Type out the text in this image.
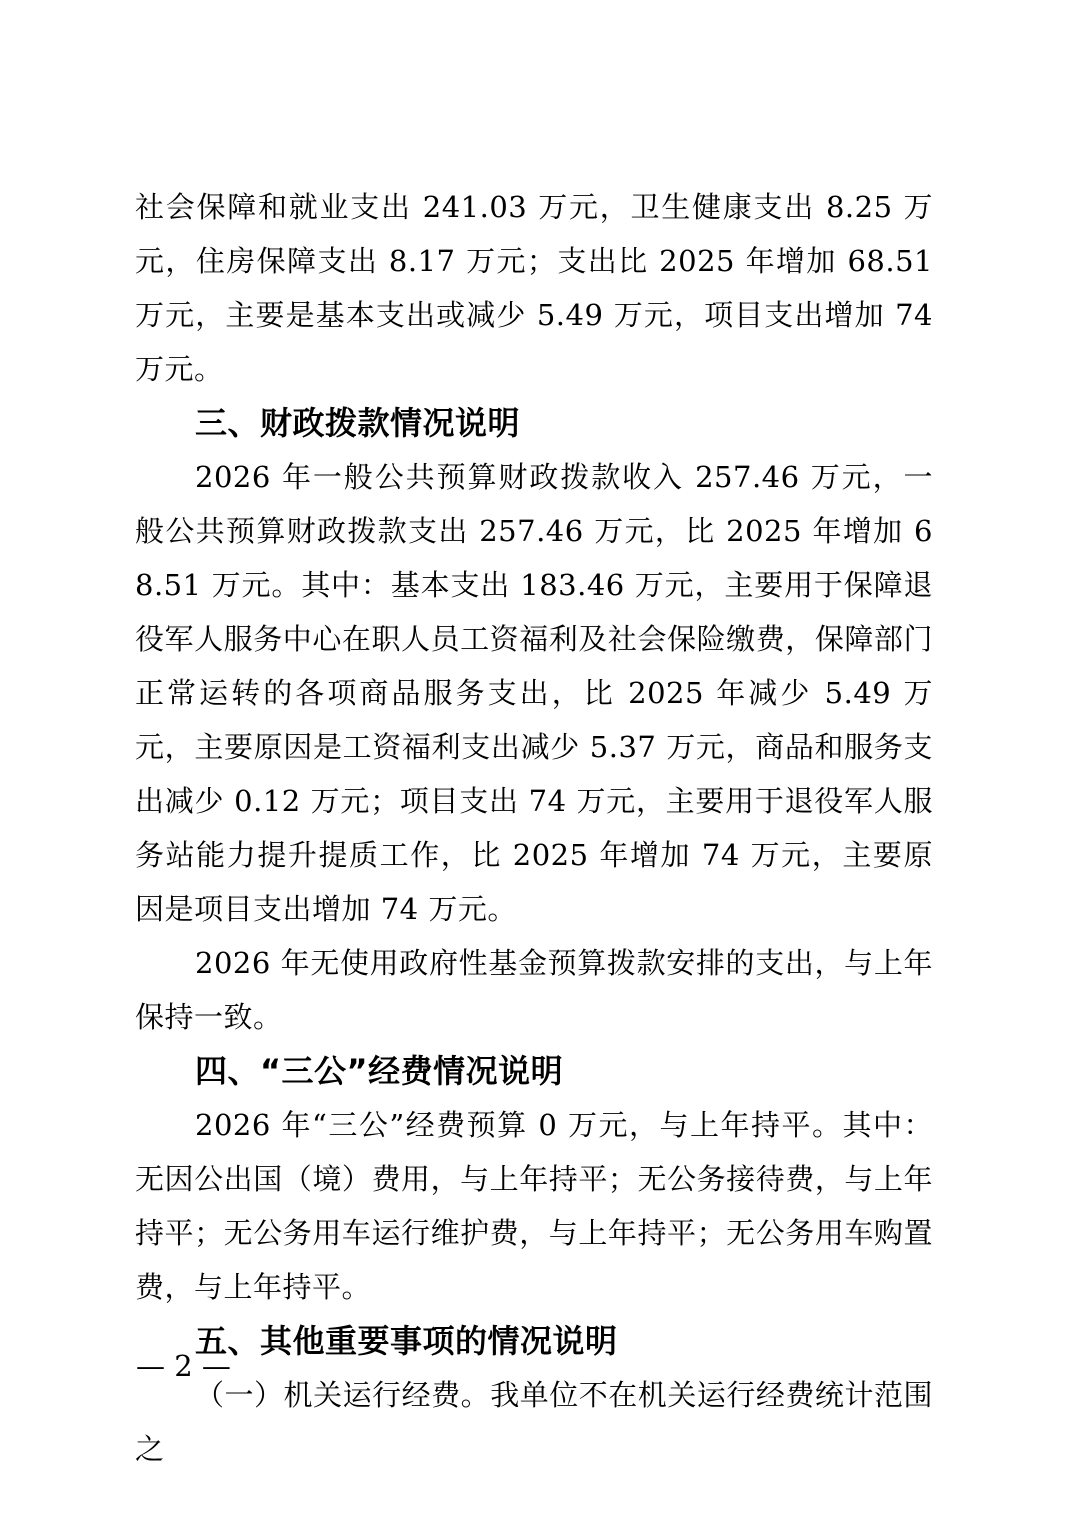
社会保障和就业支出 241.03 万元，卫生健康支出 8.25 万元，住房保障支出 8.17 万元；支出比 2025 年增加 68.51 万元，主要是基本支出或减少 5.49 万元，项目支出增加 74 万元。

三、财政拨款情况说明

2026 年一般公共预算财政拨款收入 257.46 万元，一般公共预算财政拨款支出 257.46 万元，比 2025 年增加 68.51 万元。其中：基本支出 183.46 万元，主要用于保障退役军人服务中心在职人员工资福利及社会保险缴费，保障部门正常运转的各项商品服务支出，比 2025 年减少 5.49 万元，主要原因是工资福利支出减少 5.37 万元，商品和服务支出减少 0.12 万元；项目支出 74 万元，主要用于退役军人服务站能力提升提质工作，比 2025 年增加 74 万元，主要原因是项目支出增加 74 万元。

2026 年无使用政府性基金预算拨款安排的支出，与上年保持一致。

四、“三公”经费情况说明

2026 年“三公”经费预算 0 万元，与上年持平。其中：无因公出国（境）费用，与上年持平；无公务接待费，与上年持平；无公务用车运行维护费，与上年持平；无公务用车购置费，与上年持平。

五、其他重要事项的情况说明

（一）机关运行经费。我单位不在机关运行经费统计范围之

— 2 —
